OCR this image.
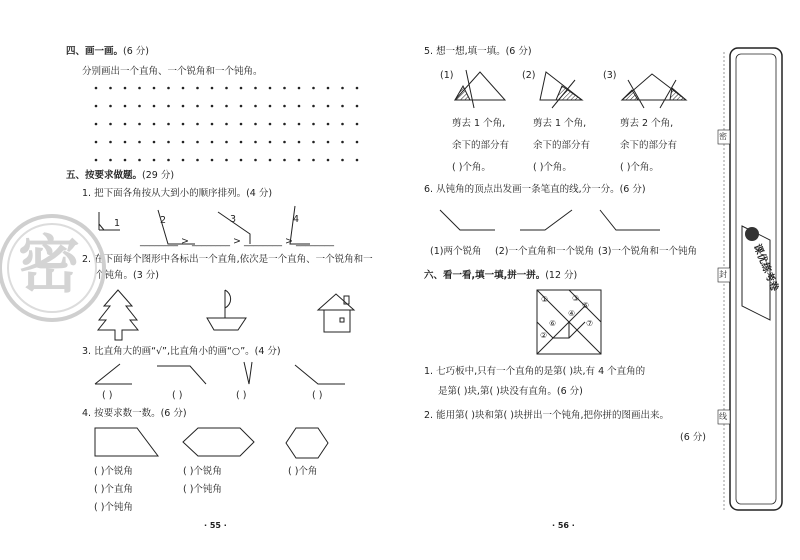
四、画一画。(6 分)
分别画出一个直角、一个锐角和一个钝角。
五、按要求做题。(29 分)
1. 把下面各角按从大到小的顺序排列。(4 分)
1	2	3	4
________ > ________ > ________ > ________
2. 在下面每个图形中各标出一个直角,依次是一个直角、一个锐角和一
个钝角。(3 分)
3. 比直角大的画“√”,比直角小的画“○”。(4 分)
( )	( )	( )	( )
4. 按要求数一数。(6 分)
( )个锐角
( )个直角
( )个钝角
( )个锐角
( )个钝角
( )个角
· 55 ·
密
5. 想一想,填一填。(6 分)
(1)	(2)	(3)
剪去 1 个角,	剪去 1 个角,	剪去 2 个角,
余下的部分有	余下的部分有	余下的部分有
( )个角。	( )个角。	( )个角。
6. 从钝角的顶点出发画一条笔直的线,分一分。(6 分)
(1)两个锐角 (2)一个直角和一个锐角 (3)一个锐角和一个钝角
六、看一看,填一填,拼一拼。(12 分)
①
②
③
④
⑤
⑥	⑦
1. 七巧板中,只有一个直角的是第( )块,有 4 个直角的
是第( )块,第( )块没有直角。(6 分)
2. 能用第( )块和第( )块拼出一个钝角,把你拼的图画出来。
(6 分)
· 56 ·
密
封
线
课优练考卷
